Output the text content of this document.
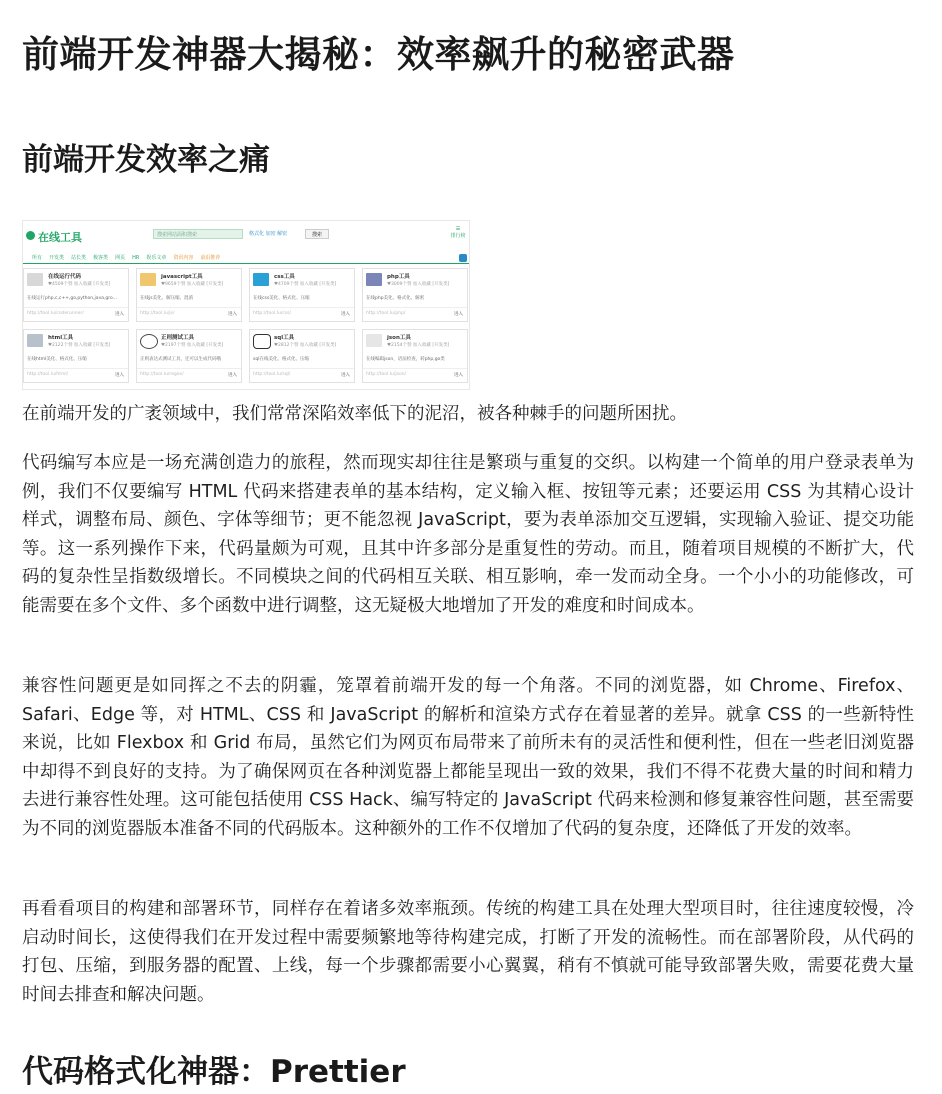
前端开发神器大揭秘：效率飙升的秘密武器
前端开发效率之痛

在前端开发的广袤领域中，我们常常深陷效率低下的泥沼，被各种棘手的问题所困扰。

代码编写本应是一场充满创造力的旅程，然而现实却往往是繁琐与重复的交织。以构建一个简单的用户登录表单为例，我们不仅要编写 HTML 代码来搭建表单的基本结构，定义输入框、按钮等元素；还要运用 CSS 为其精心设计样式，调整布局、颜色、字体等细节；更不能忽视 JavaScript，要为表单添加交互逻辑，实现输入验证、提交功能等。这一系列操作下来，代码量颇为可观，且其中许多部分是重复性的劳动。而且，随着项目规模的不断扩大，代码的复杂性呈指数级增长。不同模块之间的代码相互关联、相互影响，牵一发而动全身。一个小小的功能修改，可能需要在多个文件、多个函数中进行调整，这无疑极大地增加了开发的难度和时间成本。

兼容性问题更是如同挥之不去的阴霾，笼罩着前端开发的每一个角落。不同的浏览器，如 Chrome、Firefox、Safari、Edge 等，对 HTML、CSS 和 JavaScript 的解析和渲染方式存在着显著的差异。就拿 CSS 的一些新特性来说，比如 Flexbox 和 Grid 布局，虽然它们为网页布局带来了前所未有的灵活性和便利性，但在一些老旧浏览器中却得不到良好的支持。为了确保网页在各种浏览器上都能呈现出一致的效果，我们不得不花费大量的时间和精力去进行兼容性处理。这可能包括使用 CSS Hack、编写特定的 JavaScript 代码来检测和修复兼容性问题，甚至需要为不同的浏览器版本准备不同的代码版本。这种额外的工作不仅增加了代码的复杂度，还降低了开发的效率。

再看看项目的构建和部署环节，同样存在着诸多效率瓶颈。传统的构建工具在处理大型项目时，往往速度较慢，冷启动时间长，这使得我们在开发过程中需要频繁地等待构建完成，打断了开发的流畅性。而在部署阶段，从代码的打包、压缩，到服务器的配置、上线，每一个步骤都需要小心翼翼，稍有不慎就可能导致部署失败，需要花费大量时间去排查和解决问题。

代码格式化神器：Prettier
在线工具	搜索网站面积搜索	格式化 加密 解密	搜索
☰
排行榜
所有 开发类 站长类 极客类 网页 HR 娱乐文章 资讯内容 前沿推荐
在线运行代码
♥4509个赞 加入收藏 [开发类]
在线运行php,c,c++,go,python,java,gro...
http://tool.lu/coderunner/	进入
javascript工具
♥9659个赞 加入收藏 [开发类]
在线js美化、解压缩、混淆
http://tool.lu/js/	进入
css工具
♥4709个赞 加入收藏 [开发类]
在线css美化、格式化、压缩
http://tool.lu/css/	进入
php工具
♥3009个赞 加入收藏 [开发类]
在线php美化、格式化、解密
http://tool.lu/php/	进入
html工具
♥2122个赞 加入收藏 [开发类]
在线html美化、格式化、压缩
http://tool.lu/html/	进入
正则测试工具
♥2197个赞 加入收藏 [开发类]
正则表达式测试工具，还可以生成代码哦
http://tool.lu/regex/	进入
sql工具
♥2812个赞 加入收藏 [开发类]
sql在线美化、格式化、压缩
http://tool.lu/sql/	进入
json工具
♥2154个赞 加入收藏 [开发类]
在线编辑json，语法检查，转php,go类
http://tool.lu/json/	进入
